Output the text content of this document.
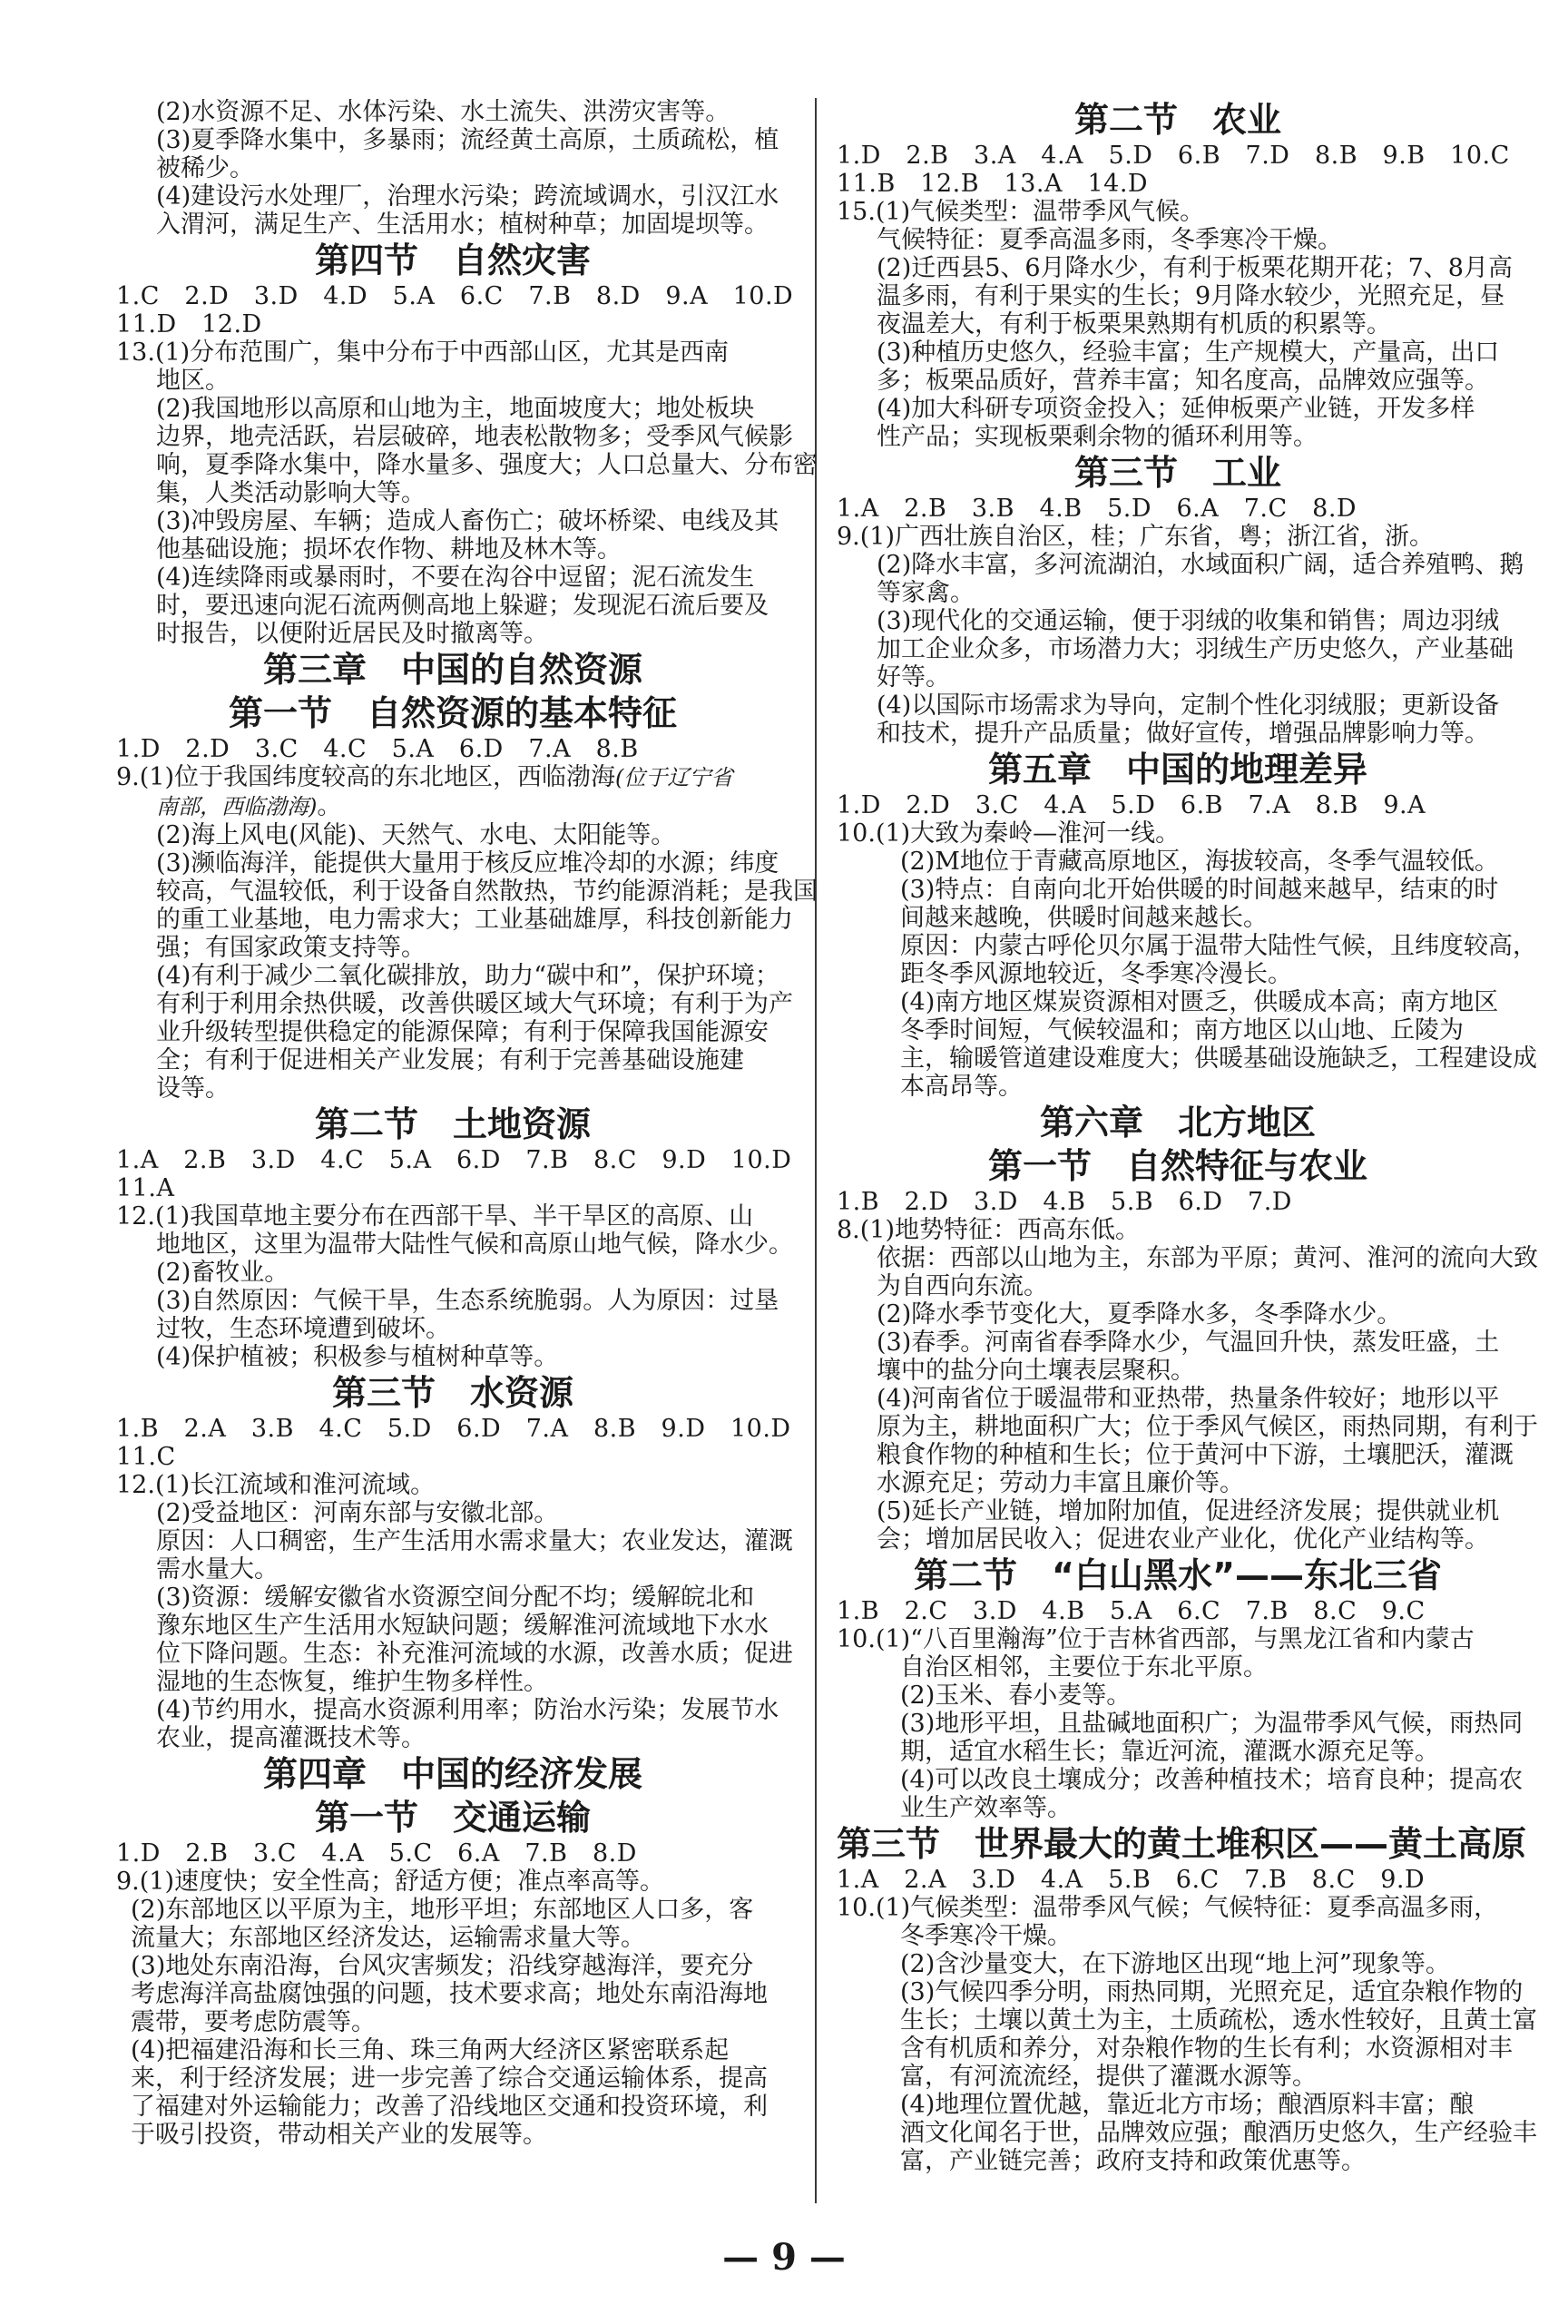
(2)水资源不足、水体污染、水土流失、洪涝灾害等。
(3)夏季降水集中，多暴雨；流经黄土高原，土质疏松，植
被稀少。
(4)建设污水处理厂，治理水污染；跨流域调水，引汉江水
入渭河，满足生产、生活用水；植树种草；加固堤坝等。
第四节　自然灾害
1.C　2.D　3.D　4.D　5.A　6.C　7.B　8.D　9.A　10.D
11.D　12.D
13.(1)分布范围广，集中分布于中西部山区，尤其是西南
地区。
(2)我国地形以高原和山地为主，地面坡度大；地处板块
边界，地壳活跃，岩层破碎，地表松散物多；受季风气候影
响，夏季降水集中，降水量多、强度大；人口总量大、分布密
集，人类活动影响大等。
(3)冲毁房屋、车辆；造成人畜伤亡；破坏桥梁、电线及其
他基础设施；损坏农作物、耕地及林木等。
(4)连续降雨或暴雨时，不要在沟谷中逗留；泥石流发生
时，要迅速向泥石流两侧高地上躲避；发现泥石流后要及
时报告，以便附近居民及时撤离等。
第三章　中国的自然资源
第一节　自然资源的基本特征
1.D　2.D　3.C　4.C　5.A　6.D　7.A　8.B
9.(1)位于我国纬度较高的东北地区，西临渤海(位于辽宁省
南部，西临渤海)。
(2)海上风电(风能)、天然气、水电、太阳能等。
(3)濒临海洋，能提供大量用于核反应堆冷却的水源；纬度
较高，气温较低，利于设备自然散热，节约能源消耗；是我国
的重工业基地，电力需求大；工业基础雄厚，科技创新能力
强；有国家政策支持等。
(4)有利于减少二氧化碳排放，助力“碳中和”，保护环境；
有利于利用余热供暖，改善供暖区域大气环境；有利于为产
业升级转型提供稳定的能源保障；有利于保障我国能源安
全；有利于促进相关产业发展；有利于完善基础设施建
设等。
第二节　土地资源
1.A　2.B　3.D　4.C　5.A　6.D　7.B　8.C　9.D　10.D
11.A
12.(1)我国草地主要分布在西部干旱、半干旱区的高原、山
地地区，这里为温带大陆性气候和高原山地气候，降水少。
(2)畜牧业。
(3)自然原因：气候干旱，生态系统脆弱。人为原因：过垦
过牧，生态环境遭到破坏。
(4)保护植被；积极参与植树种草等。
第三节　水资源
1.B　2.A　3.B　4.C　5.D　6.D　7.A　8.B　9.D　10.D
11.C
12.(1)长江流域和淮河流域。
(2)受益地区：河南东部与安徽北部。
原因：人口稠密，生产生活用水需求量大；农业发达，灌溉
需水量大。
(3)资源：缓解安徽省水资源空间分配不均；缓解皖北和
豫东地区生产生活用水短缺问题；缓解淮河流域地下水水
位下降问题。生态：补充淮河流域的水源，改善水质；促进
湿地的生态恢复，维护生物多样性。
(4)节约用水，提高水资源利用率；防治水污染；发展节水
农业，提高灌溉技术等。
第四章　中国的经济发展
第一节　交通运输
1.D　2.B　3.C　4.A　5.C　6.A　7.B　8.D
9.(1)速度快；安全性高；舒适方便；准点率高等。
(2)东部地区以平原为主，地形平坦；东部地区人口多，客
流量大；东部地区经济发达，运输需求量大等。
(3)地处东南沿海，台风灾害频发；沿线穿越海洋，要充分
考虑海洋高盐腐蚀强的问题，技术要求高；地处东南沿海地
震带，要考虑防震等。
(4)把福建沿海和长三角、珠三角两大经济区紧密联系起
来，利于经济发展；进一步完善了综合交通运输体系，提高
了福建对外运输能力；改善了沿线地区交通和投资环境，利
于吸引投资，带动相关产业的发展等。
第二节　农业
1.D　2.B　3.A　4.A　5.D　6.B　7.D　8.B　9.B　10.C
11.B　12.B　13.A　14.D
15.(1)气候类型：温带季风气候。
气候特征：夏季高温多雨，冬季寒冷干燥。
(2)迁西县5、6月降水少，有利于板栗花期开花；7、8月高
温多雨，有利于果实的生长；9月降水较少，光照充足，昼
夜温差大，有利于板栗果熟期有机质的积累等。
(3)种植历史悠久，经验丰富；生产规模大，产量高，出口
多；板栗品质好，营养丰富；知名度高，品牌效应强等。
(4)加大科研专项资金投入；延伸板栗产业链，开发多样
性产品；实现板栗剩余物的循环利用等。
第三节　工业
1.A　2.B　3.B　4.B　5.D　6.A　7.C　8.D
9.(1)广西壮族自治区，桂；广东省，粤；浙江省，浙。
(2)降水丰富，多河流湖泊，水域面积广阔，适合养殖鸭、鹅
等家禽。
(3)现代化的交通运输，便于羽绒的收集和销售；周边羽绒
加工企业众多，市场潜力大；羽绒生产历史悠久，产业基础
好等。
(4)以国际市场需求为导向，定制个性化羽绒服；更新设备
和技术，提升产品质量；做好宣传，增强品牌影响力等。
第五章　中国的地理差异
1.D　2.D　3.C　4.A　5.D　6.B　7.A　8.B　9.A
10.(1)大致为秦岭—淮河一线。
(2)M地位于青藏高原地区，海拔较高，冬季气温较低。
(3)特点：自南向北开始供暖的时间越来越早，结束的时
间越来越晚，供暖时间越来越长。
原因：内蒙古呼伦贝尔属于温带大陆性气候，且纬度较高，
距冬季风源地较近，冬季寒冷漫长。
(4)南方地区煤炭资源相对匮乏，供暖成本高；南方地区
冬季时间短，气候较温和；南方地区以山地、丘陵为
主，输暖管道建设难度大；供暖基础设施缺乏，工程建设成
本高昂等。
第六章　北方地区
第一节　自然特征与农业
1.B　2.D　3.D　4.B　5.B　6.D　7.D
8.(1)地势特征：西高东低。
依据：西部以山地为主，东部为平原；黄河、淮河的流向大致
为自西向东流。
(2)降水季节变化大，夏季降水多，冬季降水少。
(3)春季。河南省春季降水少，气温回升快，蒸发旺盛，土
壤中的盐分向土壤表层聚积。
(4)河南省位于暖温带和亚热带，热量条件较好；地形以平
原为主，耕地面积广大；位于季风气候区，雨热同期，有利于
粮食作物的种植和生长；位于黄河中下游，土壤肥沃，灌溉
水源充足；劳动力丰富且廉价等。
(5)延长产业链，增加附加值，促进经济发展；提供就业机
会；增加居民收入；促进农业产业化，优化产业结构等。
第二节　“白山黑水”——东北三省
1.B　2.C　3.D　4.B　5.A　6.C　7.B　8.C　9.C
10.(1)“八百里瀚海”位于吉林省西部，与黑龙江省和内蒙古
自治区相邻，主要位于东北平原。
(2)玉米、春小麦等。
(3)地形平坦，且盐碱地面积广；为温带季风气候，雨热同
期，适宜水稻生长；靠近河流，灌溉水源充足等。
(4)可以改良土壤成分；改善种植技术；培育良种；提高农
业生产效率等。
第三节　世界最大的黄土堆积区——黄土高原
1.A　2.A　3.D　4.A　5.B　6.C　7.B　8.C　9.D
10.(1)气候类型：温带季风气候；气候特征：夏季高温多雨，
冬季寒冷干燥。
(2)含沙量变大，在下游地区出现“地上河”现象等。
(3)气候四季分明，雨热同期，光照充足，适宜杂粮作物的
生长；土壤以黄土为主，土质疏松，透水性较好，且黄土富
含有机质和养分，对杂粮作物的生长有利；水资源相对丰
富，有河流流经，提供了灌溉水源等。
(4)地理位置优越，靠近北方市场；酿酒原料丰富；酿
酒文化闻名于世，品牌效应强；酿酒历史悠久，生产经验丰
富，产业链完善；政府支持和政策优惠等。
— 9 —
